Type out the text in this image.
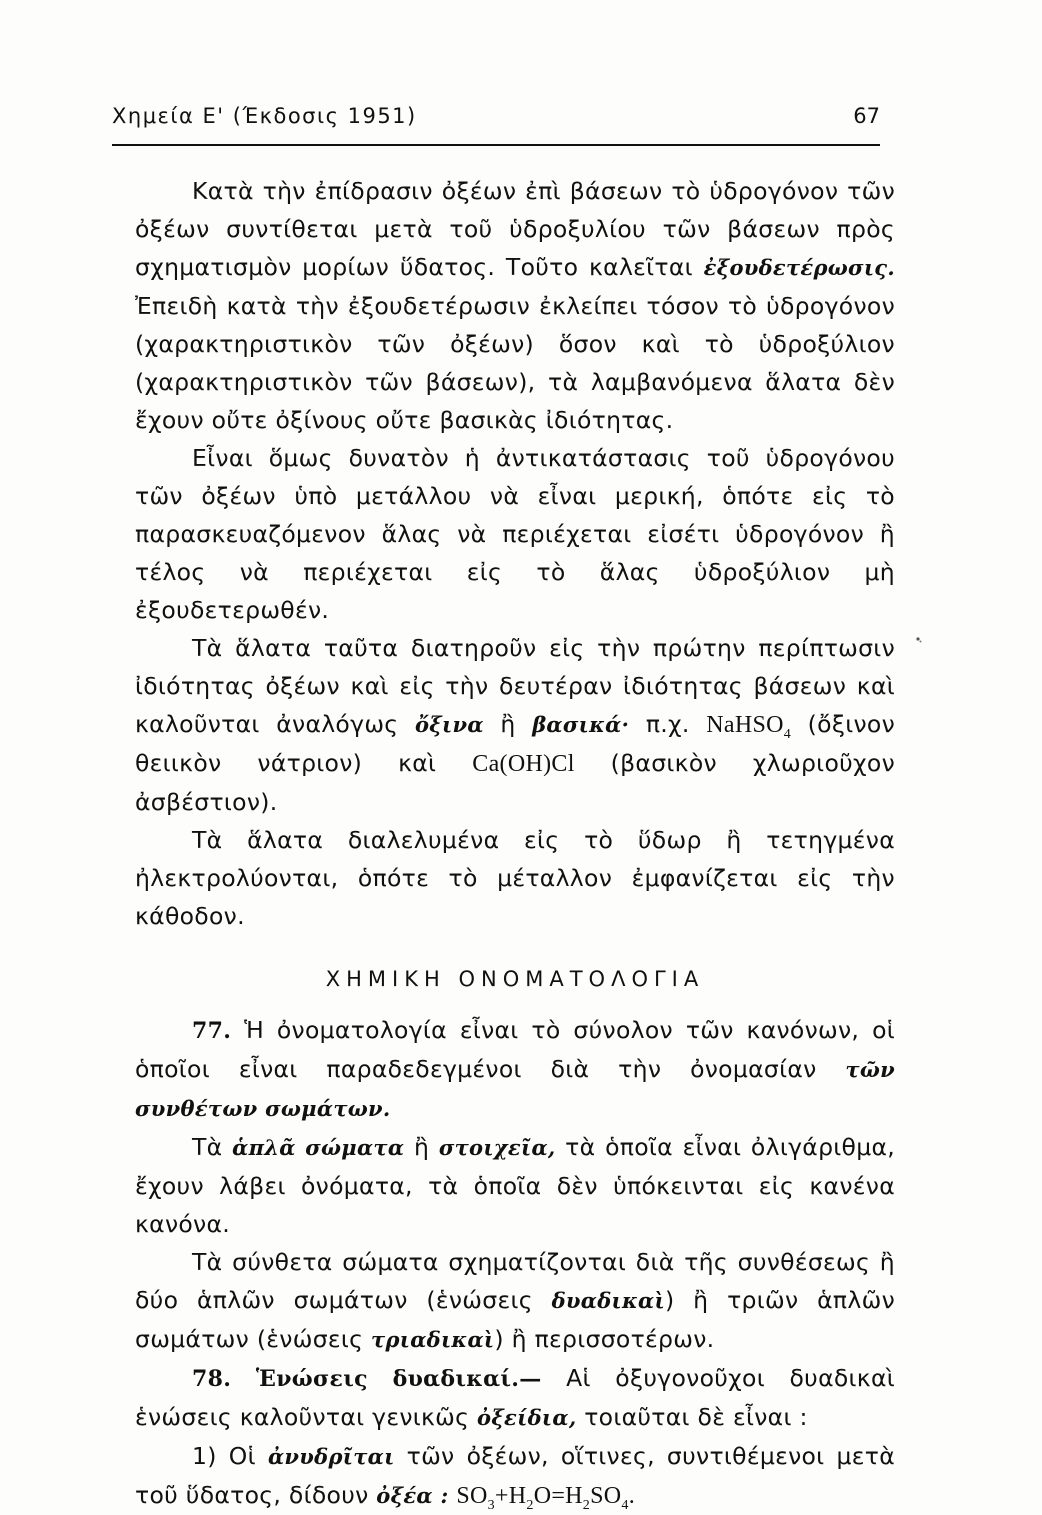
Χημεία Ε' (Έκδοσις 1951)	67

Κατὰ τὴν ἐπίδρασιν ὀξέων ἐπὶ βάσεων τὸ ὑδρογόνον τῶν ὀξέων συντίθεται μετὰ τοῦ ὑδροξυλίου τῶν βάσεων πρὸς σχηματισμὸν μορίων ὕδατος. Τοῦτο καλεῖται ἐξουδετέρωσις. Ἐπειδὴ κατὰ τὴν ἐξουδετέρωσιν ἐκλείπει τόσον τὸ ὑδρογόνον (χαρακτηριστικὸν τῶν ὀξέων) ὅσον καὶ τὸ ὑδροξύλιον (χαρακτηριστικὸν τῶν βάσεων), τὰ λαμβανόμενα ἅλατα δὲν ἔχουν οὔτε ὀξίνους οὔτε βασικὰς ἰδιότητας.

Εἶναι ὅμως δυνατὸν ἡ ἀντικατάστασις τοῦ ὑδρογόνου τῶν ὀξέων ὑπὸ μετάλλου νὰ εἶναι μερική, ὁπότε εἰς τὸ παρασκευαζόμενον ἅλας νὰ περιέχεται εἰσέτι ὑδρογόνον ἢ τέλος νὰ περιέχεται εἰς τὸ ἅλας ὑδροξύλιον μὴ ἐξουδετερωθέν.

Τὰ ἅλατα ταῦτα διατηροῦν εἰς τὴν πρώτην περίπτωσιν ἰδιότητας ὀξέων καὶ εἰς τὴν δευτέραν ἰδιότητας βάσεων καὶ καλοῦνται ἀναλόγως ὄξινα ἢ βασικά· π.χ. NaHSO$_4$ (ὄξινον θειικὸν νάτριον) καὶ Ca(OH)Cl (βασικὸν χλωριοῦχον ἀσβέστιον).

Τὰ ἅλατα διαλελυμένα εἰς τὸ ὕδωρ ἢ τετηγμένα ἠλεκτρολύονται, ὁπότε τὸ μέταλλον ἐμφανίζεται εἰς τὴν κάθοδον.

ΧΗΜΙΚΗ ΟΝΟΜΑΤΟΛΟΓΙΑ

77. Ἡ ὀνοματολογία εἶναι τὸ σύνολον τῶν κανόνων, οἱ ὁποῖοι εἶναι παραδεδεγμένοι διὰ τὴν ὀνομασίαν τῶν συνθέτων σωμάτων.

Τὰ ἁπλᾶ σώματα ἢ στοιχεῖα, τὰ ὁποῖα εἶναι ὀλιγάριθμα, ἔχουν λάβει ὀνόματα, τὰ ὁποῖα δὲν ὑπόκεινται εἰς κανένα κανόνα.

Τὰ σύνθετα σώματα σχηματίζονται διὰ τῆς συνθέσεως ἢ δύο ἁπλῶν σωμάτων (ἑνώσεις δυαδικαὶ) ἢ τριῶν ἁπλῶν σωμάτων (ἑνώσεις τριαδικαὶ) ἢ περισσοτέρων.

78. Ἑνώσεις δυαδικαί.— Αἱ ὀξυγονοῦχοι δυαδικαὶ ἑνώσεις καλοῦνται γενικῶς ὀξείδια, τοιαῦται δὲ εἶναι :

1) Οἱ ἀνυδρῖται τῶν ὀξέων, οἵτινες, συντιθέμενοι μετὰ τοῦ ὕδατος, δίδουν ὀξέα : $SO_3+H_2O=H_2SO_4$.
